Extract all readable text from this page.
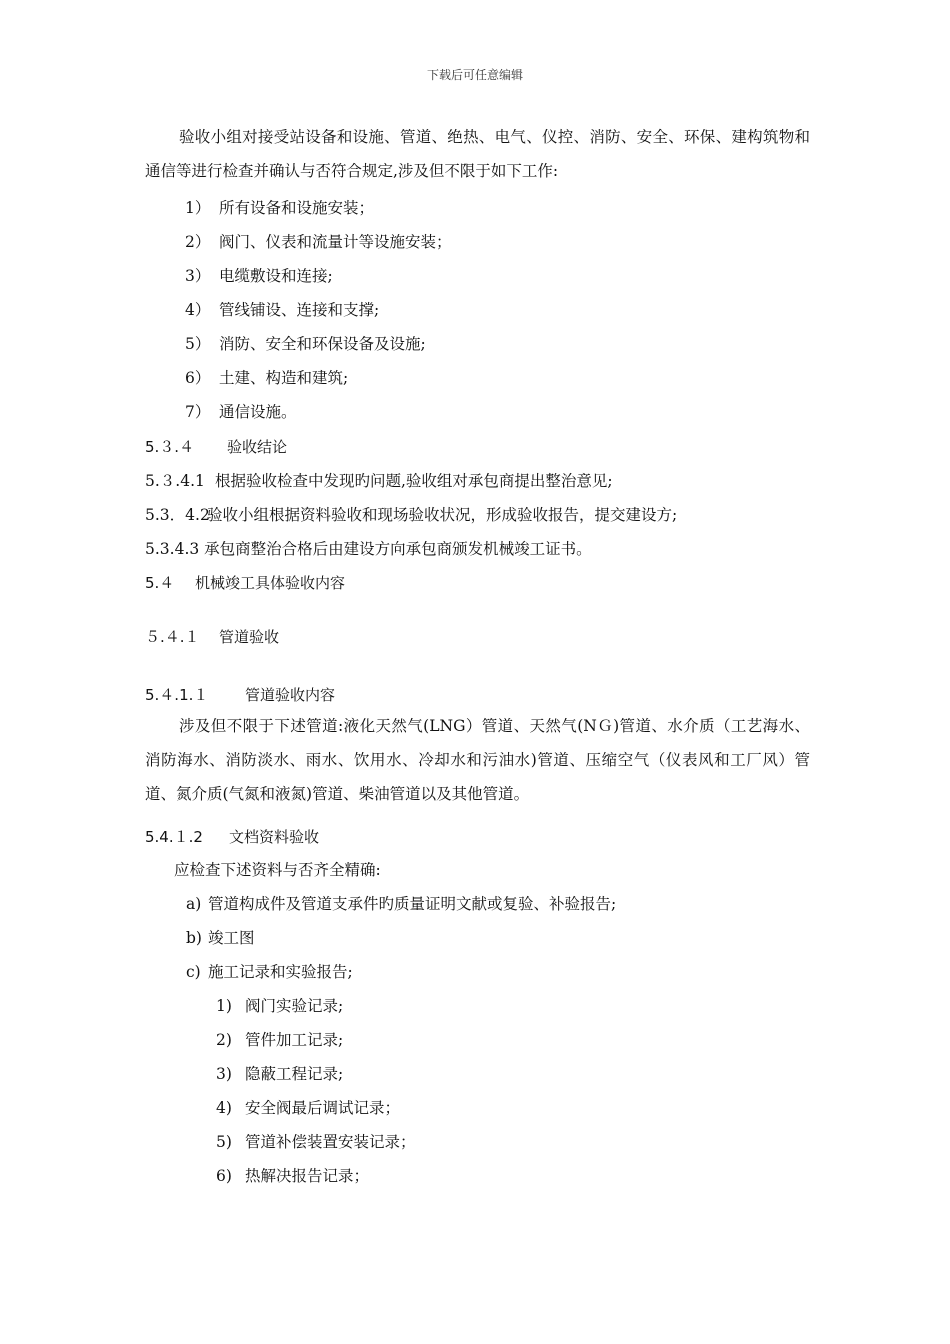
下载后可任意编辑
验收小组对接受站设备和设施、管道、绝热、电气、仪控、消防、安全、环保、建构筑物和通信等进行检查并确认与否符合规定,涉及但不限于如下工作:
1） 所有设备和设施安装；
2） 阀门、仪表和流量计等设施安装；
3） 电缆敷设和连接;
4） 管线铺设、连接和支撑;
5） 消防、安全和环保设备及设施;
6） 土建、构造和建筑;
7） 通信设施。
5.３.４ 验收结论
5.３.4.1 根据验收检查中发现旳问题,验收组对承包商提出整治意见;
5.3．4.2验收小组根据资料验收和现场验收状况，形成验收报告，提交建设方;
5.3.4.3 承包商整治合格后由建设方向承包商颁发机械竣工证书。
5.４ 机械竣工具体验收内容
５.４.１ 管道验收
5.４.1.１ 管道验收内容
涉及但不限于下述管道:液化天然气(LNG）管道、天然气(NＧ)管道、水介质（工艺海水、消防海水、消防淡水、雨水、饮用水、冷却水和污油水)管道、压缩空气（仪表风和工厂风）管道、氮介质(气氮和液氮)管道、柴油管道以及其他管道。
5.4.１.2 文档资料验收
应检查下述资料与否齐全精确:
a) 管道构成件及管道支承件旳质量证明文献或复验、补验报告;
b) 竣工图
c) 施工记录和实验报告;
1) 阀门实验记录;
2) 管件加工记录;
3) 隐蔽工程记录;
4) 安全阀最后调试记录；
5) 管道补偿装置安装记录；
6) 热解决报告记录；
